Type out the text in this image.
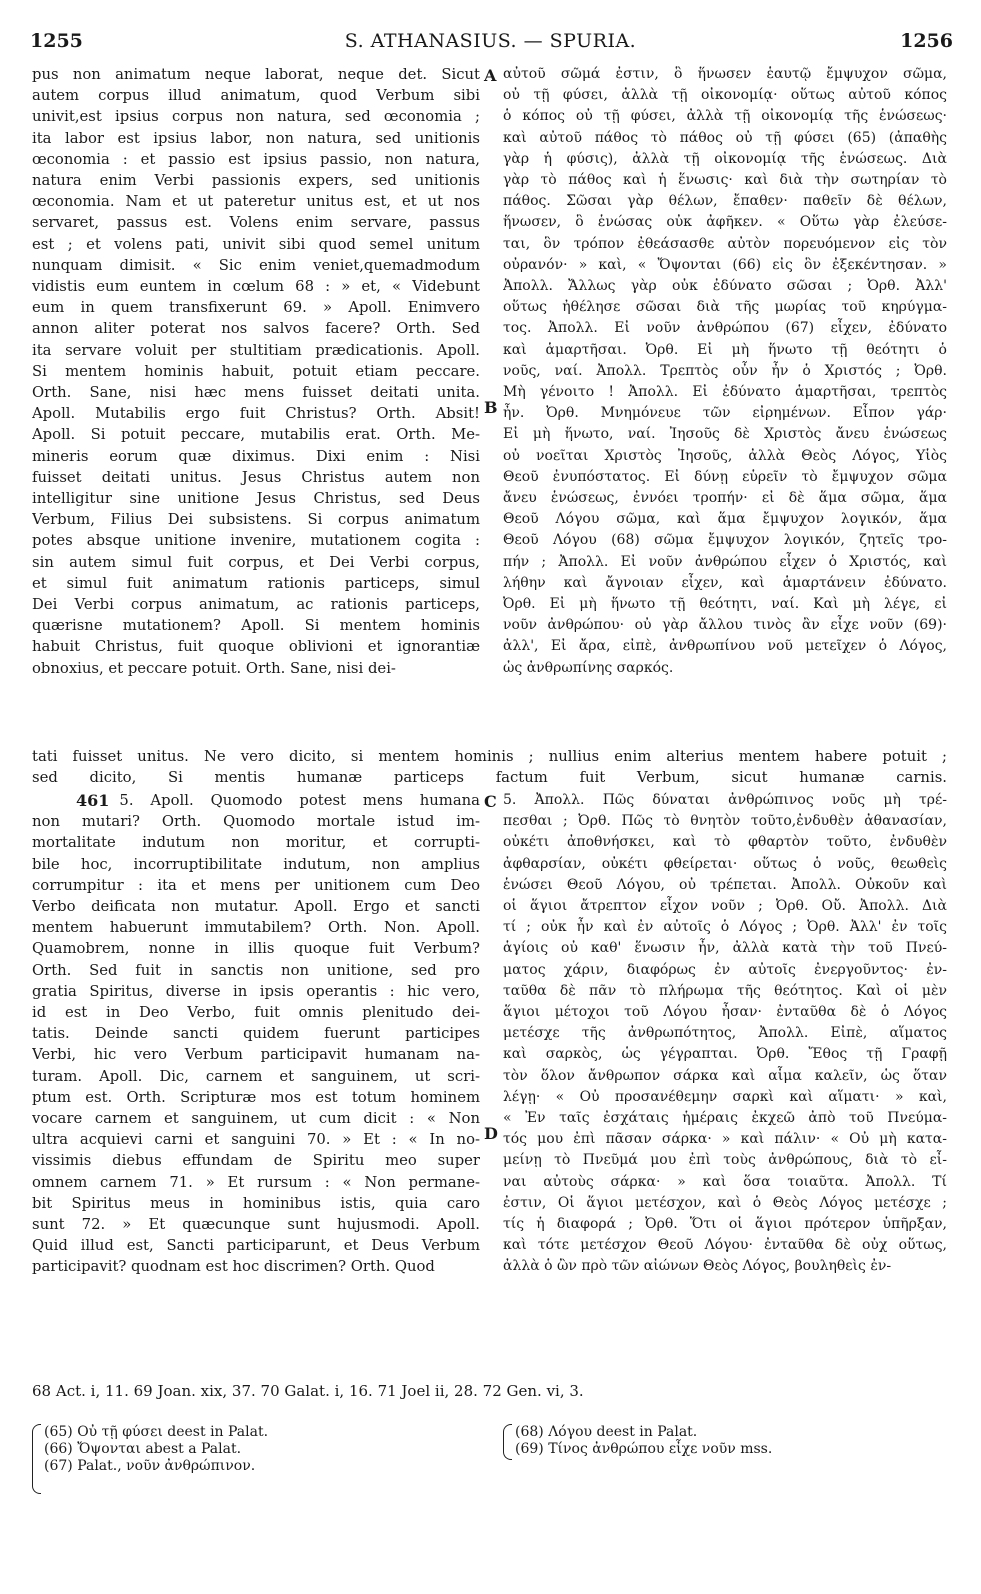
1255	S. ATHANASIUS. — SPURIA.	1256
A
B
C
D
pus non animatum neque laborat, neque det. Sicut
autem corpus illud animatum, quod Verbum sibi
univit,est ipsius corpus non natura, sed œconomia ;
ita labor est ipsius labor, non natura, sed unitionis
œconomia : et passio est ipsius passio, non natura,
natura enim Verbi passionis expers, sed unitionis
œconomia. Nam et ut pateretur unitus est, et ut nos
servaret, passus est. Volens enim servare, passus
est ; et volens pati, univit sibi quod semel unitum
nunquam dimisit. « Sic enim veniet,quemadmodum
vidistis eum euntem in cœlum 68 : » et, « Videbunt
eum in quem transfixerunt 69. » Apoll. Enimvero
annon aliter poterat nos salvos facere? Orth. Sed
ita servare voluit per stultitiam prædicationis. Apoll.
Si mentem hominis habuit, potuit etiam peccare.
Orth. Sane, nisi hæc mens fuisset deitati unita.
Apoll. Mutabilis ergo fuit Christus? Orth. Absit!
Apoll. Si potuit peccare, mutabilis erat. Orth. Me-
mineris eorum quæ diximus. Dixi enim : Nisi
fuisset deitati unitus. Jesus Christus autem non
intelligitur sine unitione Jesus Christus, sed Deus
Verbum, Filius Dei subsistens. Si corpus animatum
potes absque unitione invenire, mutationem cogita :
sin autem simul fuit corpus, et Dei Verbi corpus,
et simul fuit animatum rationis particeps, simul
Dei Verbi corpus animatum, ac rationis particeps,
quærisne mutationem? Apoll. Si mentem hominis
habuit Christus, fuit quoque oblivioni et ignorantiæ
obnoxius, et peccare potuit. Orth. Sane, nisi dei-
αὐτοῦ σῶμά ἐστιν, ὃ ἥνωσεν ἑαυτῷ ἔμψυχον σῶμα,
οὐ τῇ φύσει, ἀλλὰ τῇ οἰκονομίᾳ· οὕτως αὐτοῦ κόπος
ὁ κόπος οὐ τῇ φύσει, ἀλλὰ τῇ οἰκονομίᾳ τῆς ἑνώσεως·
καὶ αὐτοῦ πάθος τὸ πάθος οὐ τῇ φύσει (65) (ἀπαθὴς
γὰρ ἡ φύσις), ἀλλὰ τῇ οἰκονομίᾳ τῆς ἑνώσεως. Διὰ
γὰρ τὸ πάθος καὶ ἡ ἕνωσις· καὶ διὰ τὴν σωτηρίαν τὸ
πάθος. Σῶσαι γὰρ θέλων, ἔπαθεν· παθεῖν δὲ θέλων,
ἥνωσεν, ὃ ἑνώσας οὐκ ἀφῆκεν. « Οὕτω γὰρ ἐλεύσε-
ται, ὃν τρόπον ἐθεάσασθε αὐτὸν πορευόμενον εἰς τὸν
οὐρανόν· » καὶ, « Ὄψονται (66) εἰς ὃν ἐξεκέντησαν. »
Ἀπολλ. Ἄλλως γὰρ οὐκ ἐδύνατο σῶσαι ; Ὀρθ. Ἀλλ'
οὕτως ἠθέλησε σῶσαι διὰ τῆς μωρίας τοῦ κηρύγμα-
τος. Ἀπολλ. Εἰ νοῦν ἀνθρώπου (67) εἶχεν, ἐδύνατο
καὶ ἁμαρτῆσαι. Ὀρθ. Εἰ μὴ ἥνωτο τῇ θεότητι ὁ
νοῦς, ναί. Ἀπολλ. Τρεπτὸς οὖν ἦν ὁ Χριστός ; Ὀρθ.
Μὴ γένοιτο ! Ἀπολλ. Εἰ ἐδύνατο ἁμαρτῆσαι, τρεπτὸς
ἦν. Ὀρθ. Μνημόνευε τῶν εἰρημένων. Εἶπον γάρ·
Εἰ μὴ ἥνωτο, ναί. Ἰησοῦς δὲ Χριστὸς ἄνευ ἑνώσεως
οὐ νοεῖται Χριστὸς Ἰησοῦς, ἀλλὰ Θεὸς Λόγος, Υἱὸς
Θεοῦ ἐνυπόστατος. Εἰ δύνῃ εὑρεῖν τὸ ἔμψυχον σῶμα
ἄνευ ἑνώσεως, ἐννόει τροπήν· εἰ δὲ ἅμα σῶμα, ἅμα
Θεοῦ Λόγου σῶμα, καὶ ἅμα ἔμψυχον λογικόν, ἅμα
Θεοῦ Λόγου (68) σῶμα ἔμψυχον λογικόν, ζητεῖς τρο-
πήν ; Ἀπολλ. Εἰ νοῦν ἀνθρώπου εἶχεν ὁ Χριστός, καὶ
λήθην καὶ ἄγνοιαν εἶχεν, καὶ ἁμαρτάνειν ἐδύνατο.
Ὀρθ. Εἰ μὴ ἥνωτο τῇ θεότητι, ναί. Καὶ μὴ λέγε, εἰ
νοῦν ἀνθρώπου· οὐ γὰρ ἄλλου τινὸς ἂν εἶχε νοῦν (69)·
ἀλλ', Εἰ ἄρα, εἰπὲ, ἀνθρωπίνου νοῦ μετεῖχεν ὁ Λόγος,
ὡς ἀνθρωπίνης σαρκός.
tati fuisset unitus. Ne vero dicito, si mentem hominis ; nullius enim alterius mentem habere potuit ;
sed dicito, Si mentis humanæ particeps factum fuit Verbum, sicut humanæ carnis.
461 5. Apoll. Quomodo potest mens humana
non mutari? Orth. Quomodo mortale istud im-
mortalitate indutum non moritur, et corrupti-
bile hoc, incorruptibilitate indutum, non amplius
corrumpitur : ita et mens per unitionem cum Deo
Verbo deificata non mutatur. Apoll. Ergo et sancti
mentem habuerunt immutabilem? Orth. Non. Apoll.
Quamobrem, nonne in illis quoque fuit Verbum?
Orth. Sed fuit in sanctis non unitione, sed pro
gratia Spiritus, diverse in ipsis operantis : hic vero,
id est in Deo Verbo, fuit omnis plenitudo dei-
tatis. Deinde sancti quidem fuerunt participes
Verbi, hic vero Verbum participavit humanam na-
turam. Apoll. Dic, carnem et sanguinem, ut scri-
ptum est. Orth. Scripturæ mos est totum hominem
vocare carnem et sanguinem, ut cum dicit : « Non
ultra acquievi carni et sanguini 70. » Et : « In no-
vissimis diebus effundam de Spiritu meo super
omnem carnem 71. » Et rursum : « Non permane-
bit Spiritus meus in hominibus istis, quia caro
sunt 72. » Et quæcunque sunt hujusmodi. Apoll.
Quid illud est, Sancti participarunt, et Deus Verbum
participavit? quodnam est hoc discrimen? Orth. Quod
5. Ἀπολλ. Πῶς δύναται ἀνθρώπινος νοῦς μὴ τρέ-
πεσθαι ; Ὀρθ. Πῶς τὸ θνητὸν τοῦτο,ἐνδυθὲν ἀθανασίαν,
οὐκέτι ἀποθνήσκει, καὶ τὸ φθαρτὸν τοῦτο, ἐνδυθὲν
ἀφθαρσίαν, οὐκέτι φθείρεται· οὕτως ὁ νοῦς, θεωθεὶς
ἑνώσει Θεοῦ Λόγου, οὐ τρέπεται. Ἀπολλ. Οὐκοῦν καὶ
οἱ ἅγιοι ἄτρεπτον εἶχον νοῦν ; Ὀρθ. Οὔ. Ἀπολλ. Διὰ
τί ; οὐκ ἦν καὶ ἐν αὐτοῖς ὁ Λόγος ; Ὀρθ. Ἀλλ' ἐν τοῖς
ἁγίοις οὐ καθ' ἕνωσιν ἦν, ἀλλὰ κατὰ τὴν τοῦ Πνεύ-
ματος χάριν, διαφόρως ἐν αὐτοῖς ἐνεργοῦντος· ἐν-
ταῦθα δὲ πᾶν τὸ πλήρωμα τῆς θεότητος. Καὶ οἱ μὲν
ἅγιοι μέτοχοι τοῦ Λόγου ἦσαν· ἐνταῦθα δὲ ὁ Λόγος
μετέσχε τῆς ἀνθρωπότητος, Ἀπολλ. Εἰπὲ, αἵματος
καὶ σαρκὸς, ὡς γέγραπται. Ὀρθ. Ἔθος τῇ Γραφῇ
τὸν ὅλον ἄνθρωπον σάρκα καὶ αἷμα καλεῖν, ὡς ὅταν
λέγῃ· « Οὐ προσανέθεμην σαρκὶ καὶ αἵματι· » καὶ,
« Ἐν ταῖς ἐσχάταις ἡμέραις ἐκχεῶ ἀπὸ τοῦ Πνεύμα-
τός μου ἐπὶ πᾶσαν σάρκα· » καὶ πάλιν· « Οὐ μὴ κατα-
μείνῃ τὸ Πνεῦμά μου ἐπὶ τοὺς ἀνθρώπους, διὰ τὸ εἶ-
ναι αὐτοὺς σάρκα· » καὶ ὅσα τοιαῦτα. Ἀπολλ. Τί
ἐστιν, Οἱ ἅγιοι μετέσχον, καὶ ὁ Θεὸς Λόγος μετέσχε ;
τίς ἡ διαφορά ; Ὀρθ. Ὅτι οἱ ἅγιοι πρότερον ὑπῆρξαν,
καὶ τότε μετέσχον Θεοῦ Λόγου· ἐνταῦθα δὲ οὐχ οὕτως,
ἀλλὰ ὁ ὢν πρὸ τῶν αἰώνων Θεὸς Λόγος, βουληθεὶς ἐν-
68 Act. i, 11. 69 Joan. xix, 37. 70 Galat. i, 16. 71 Joel ii, 28. 72 Gen. vi, 3.
(65) Οὐ τῇ φύσει deest in Palat.
(66) Ὄψονται abest a Palat.
(67) Palat., νοῦν ἀνθρώπινον.
(68) Λόγου deest in Palat.
(69) Τίνος ἀνθρώπου εἶχε νοῦν mss.
